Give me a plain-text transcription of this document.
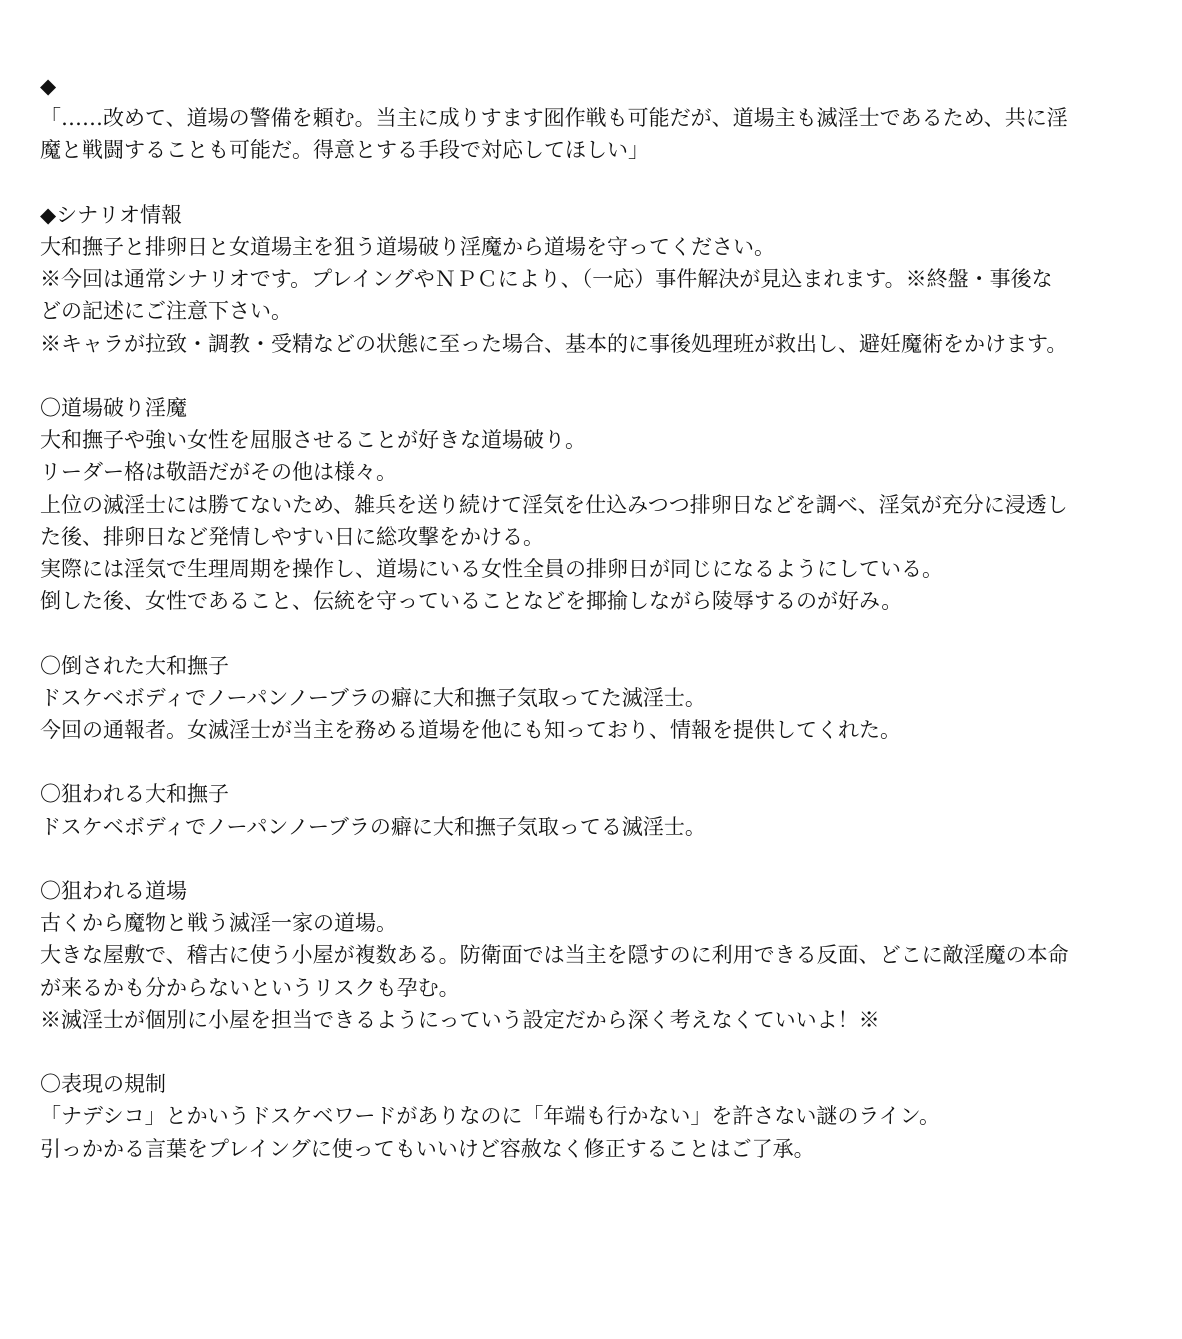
◆
「……改めて、道場の警備を頼む。当主に成りすます囮作戦も可能だが、道場主も滅淫士であるため、共に淫
魔と戦闘することも可能だ。得意とする手段で対応してほしい」
◆シナリオ情報
大和撫子と排卵日と女道場主を狙う道場破り淫魔から道場を守ってください。
※今回は通常シナリオです。プレイングやＮＰＣにより、（一応）事件解決が見込まれます。※終盤・事後な
どの記述にご注意下さい。
※キャラが拉致・調教・受精などの状態に至った場合、基本的に事後処理班が救出し、避妊魔術をかけます。
〇道場破り淫魔
大和撫子や強い女性を屈服させることが好きな道場破り。
リーダー格は敬語だがその他は様々。
上位の滅淫士には勝てないため、雑兵を送り続けて淫気を仕込みつつ排卵日などを調べ、淫気が充分に浸透し
た後、排卵日など発情しやすい日に総攻撃をかける。
実際には淫気で生理周期を操作し、道場にいる女性全員の排卵日が同じになるようにしている。
倒した後、女性であること、伝統を守っていることなどを揶揄しながら陵辱するのが好み。
〇倒された大和撫子
ドスケベボディでノーパンノーブラの癖に大和撫子気取ってた滅淫士。
今回の通報者。女滅淫士が当主を務める道場を他にも知っており、情報を提供してくれた。
〇狙われる大和撫子
ドスケベボディでノーパンノーブラの癖に大和撫子気取ってる滅淫士。
〇狙われる道場
古くから魔物と戦う滅淫一家の道場。
大きな屋敷で、稽古に使う小屋が複数ある。防衛面では当主を隠すのに利用できる反面、どこに敵淫魔の本命
が来るかも分からないというリスクも孕む。
※滅淫士が個別に小屋を担当できるようにっていう設定だから深く考えなくていいよ！※
〇表現の規制
「ナデシコ」とかいうドスケベワードがありなのに「年端も行かない」を許さない謎のライン。
引っかかる言葉をプレイングに使ってもいいけど容赦なく修正することはご了承。
